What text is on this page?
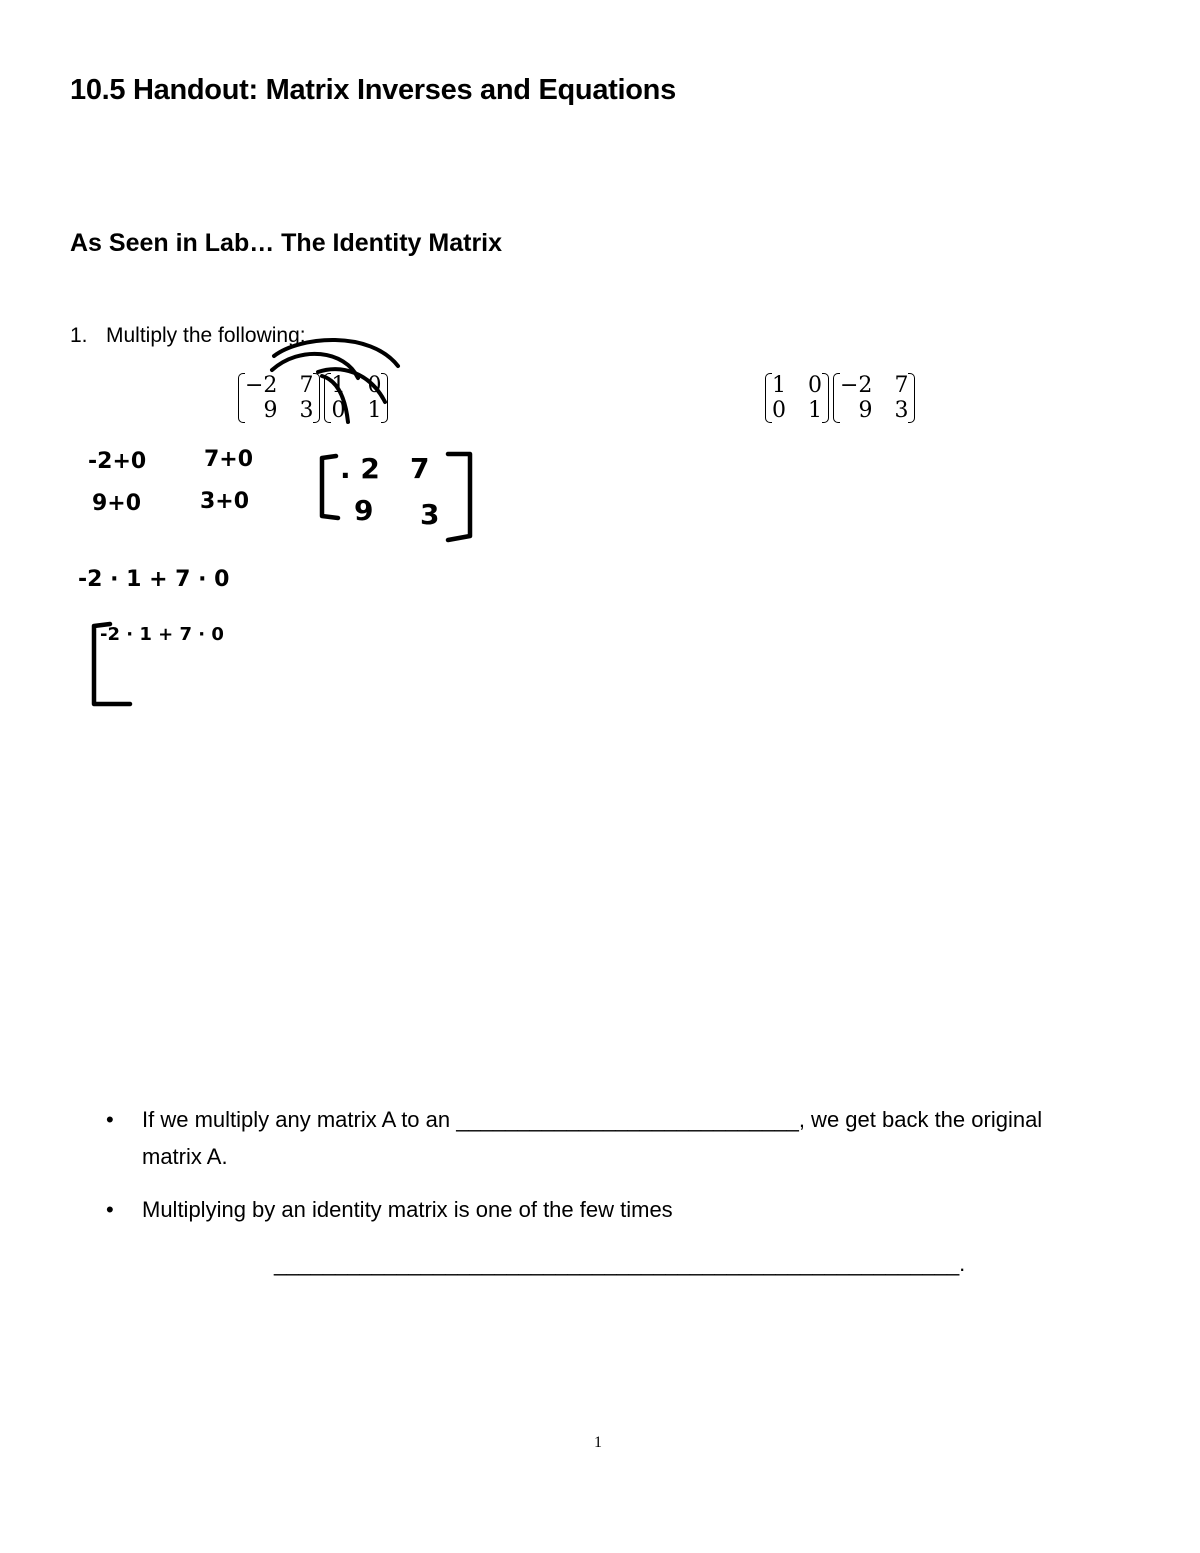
10.5 Handout: Matrix Inverses and Equations
As Seen in Lab… The Identity Matrix
1. Multiply the following:
−2 7
9 3
1 0
0 1
1 0
0 1
−2 7
9 3
-2+0	7+0
9+0	3+0
. 2 7
9 3
-2 · 1 + 7 · 0
-2 · 1 + 7 · 0
• If we multiply any matrix A to an ____________________________, we get back the original matrix A.
• Multiplying by an identity matrix is one of the few times
________________________________________________________.
1
